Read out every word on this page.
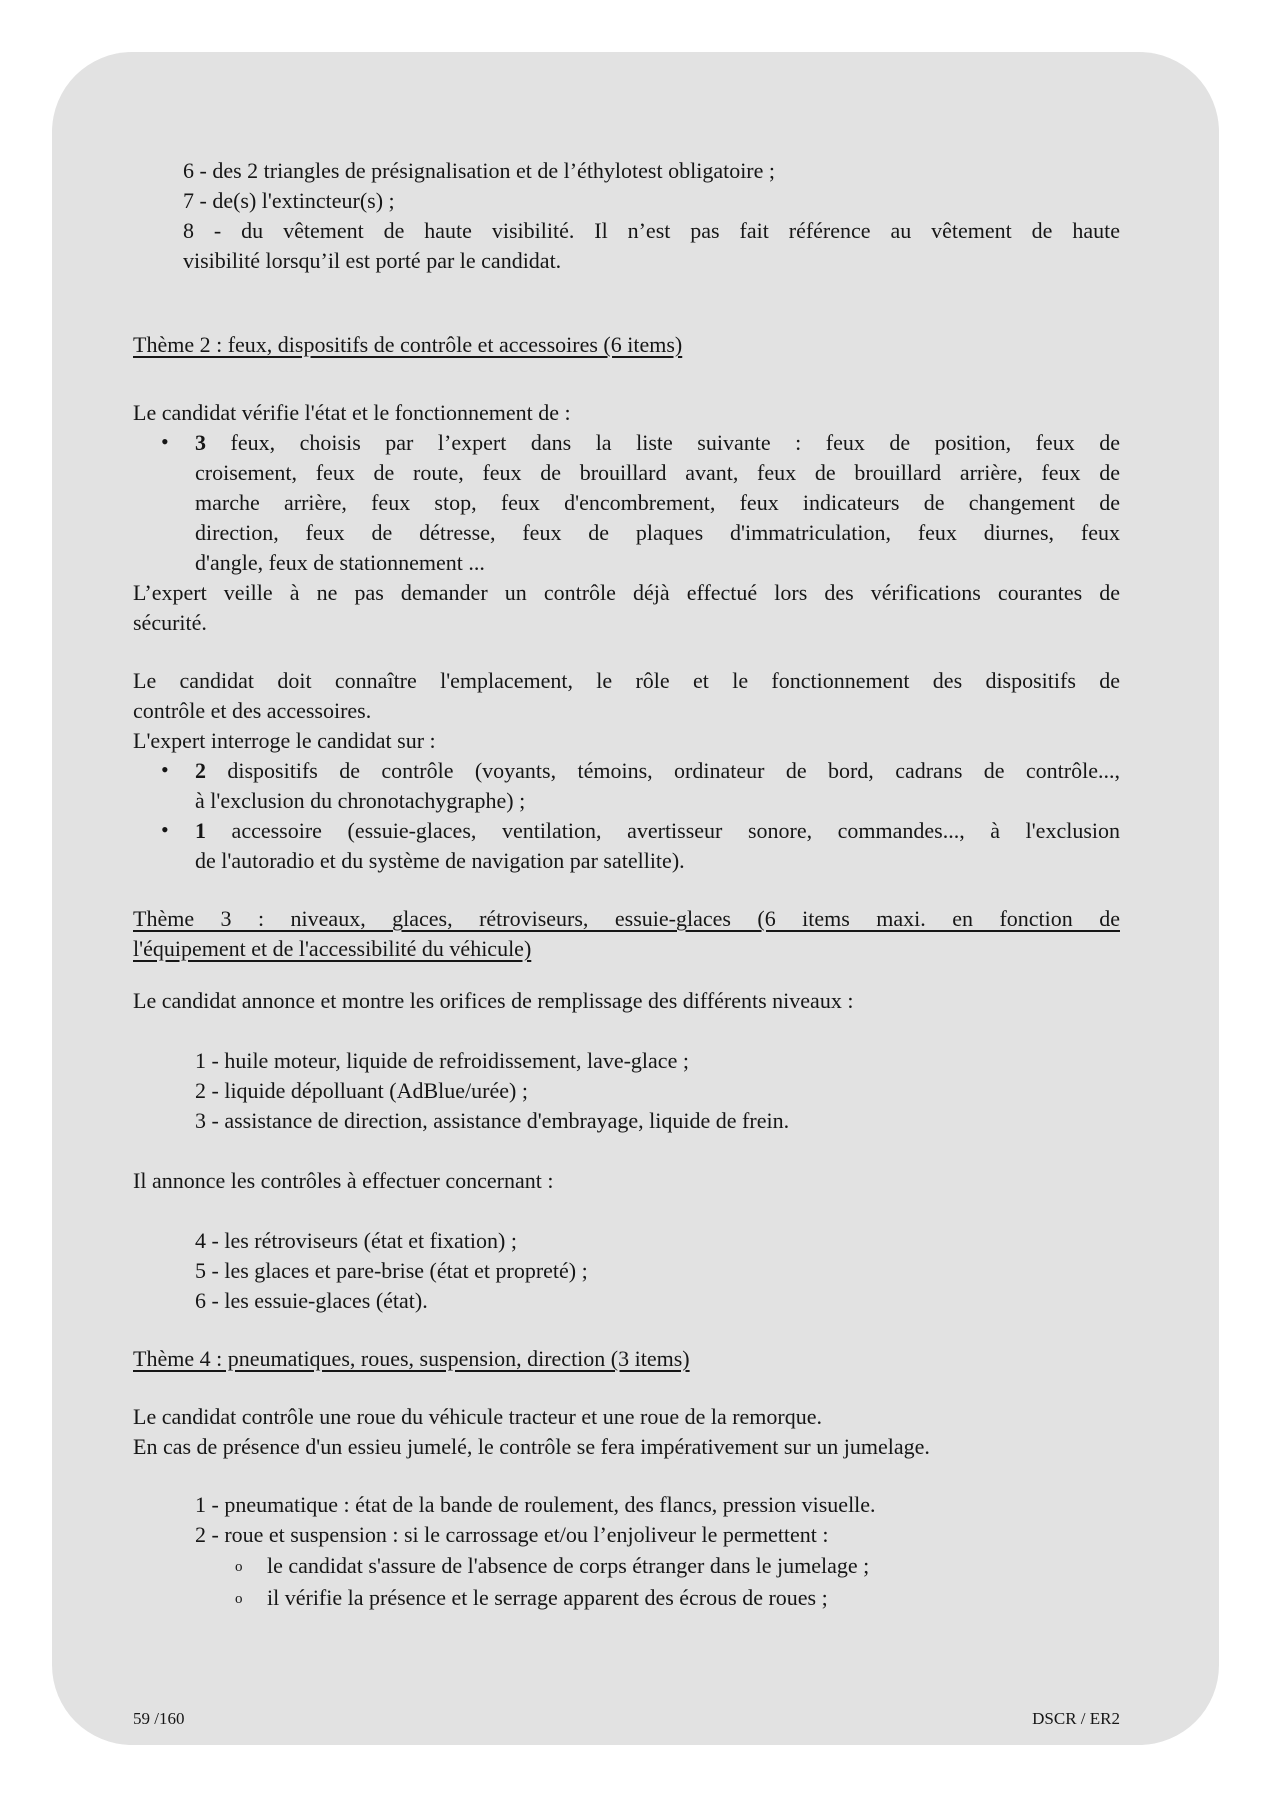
6 - des 2 triangles de présignalisation et de l’éthylotest obligatoire ;
7 - de(s) l'extincteur(s) ;
8 - du vêtement de haute visibilité. Il n’est pas fait référence au vêtement de haute
visibilité lorsqu’il est porté par le candidat.
Thème 2 : feux, dispositifs de contrôle et accessoires (6 items)
Le candidat vérifie l'état et le fonctionnement de :
3 feux, choisis par l’expert dans la liste suivante : feux de position, feux de
•
croisement, feux de route, feux de brouillard avant, feux de brouillard arrière, feux de
marche arrière, feux stop, feux d'encombrement, feux indicateurs de changement de
direction, feux de détresse, feux de plaques d'immatriculation, feux diurnes, feux
d'angle, feux de stationnement ...
L’expert veille à ne pas demander un contrôle déjà effectué lors des vérifications courantes de
sécurité.
Le candidat doit connaître l'emplacement, le rôle et le fonctionnement des dispositifs de
contrôle et des accessoires.
L'expert interroge le candidat sur :
2 dispositifs de contrôle (voyants, témoins, ordinateur de bord, cadrans de contrôle...,
•
à l'exclusion du chronotachygraphe) ;
1 accessoire (essuie-glaces, ventilation, avertisseur sonore, commandes..., à l'exclusion
•
de l'autoradio et du système de navigation par satellite).
Thème 3 : niveaux, glaces, rétroviseurs, essuie-glaces (6 items maxi. en fonction de
l'équipement et de l'accessibilité du véhicule)
Le candidat annonce et montre les orifices de remplissage des différents niveaux :
1 - huile moteur, liquide de refroidissement, lave-glace ;
2 - liquide dépolluant (AdBlue/urée) ;
3 - assistance de direction, assistance d'embrayage, liquide de frein.
Il annonce les contrôles à effectuer concernant :
4 - les rétroviseurs (état et fixation) ;
5 - les glaces et pare-brise (état et propreté) ;
6 - les essuie-glaces (état).
Thème 4 : pneumatiques, roues, suspension, direction (3 items)
Le candidat contrôle une roue du véhicule tracteur et une roue de la remorque.
En cas de présence d'un essieu jumelé, le contrôle se fera impérativement sur un jumelage.
1 - pneumatique : état de la bande de roulement, des flancs, pression visuelle.
2 - roue et suspension : si le carrossage et/ou l’enjoliveur le permettent :
o le candidat s'assure de l'absence de corps étranger dans le jumelage ;
o il vérifie la présence et le serrage apparent des écrous de roues ;
59 /160	DSCR / ER2
